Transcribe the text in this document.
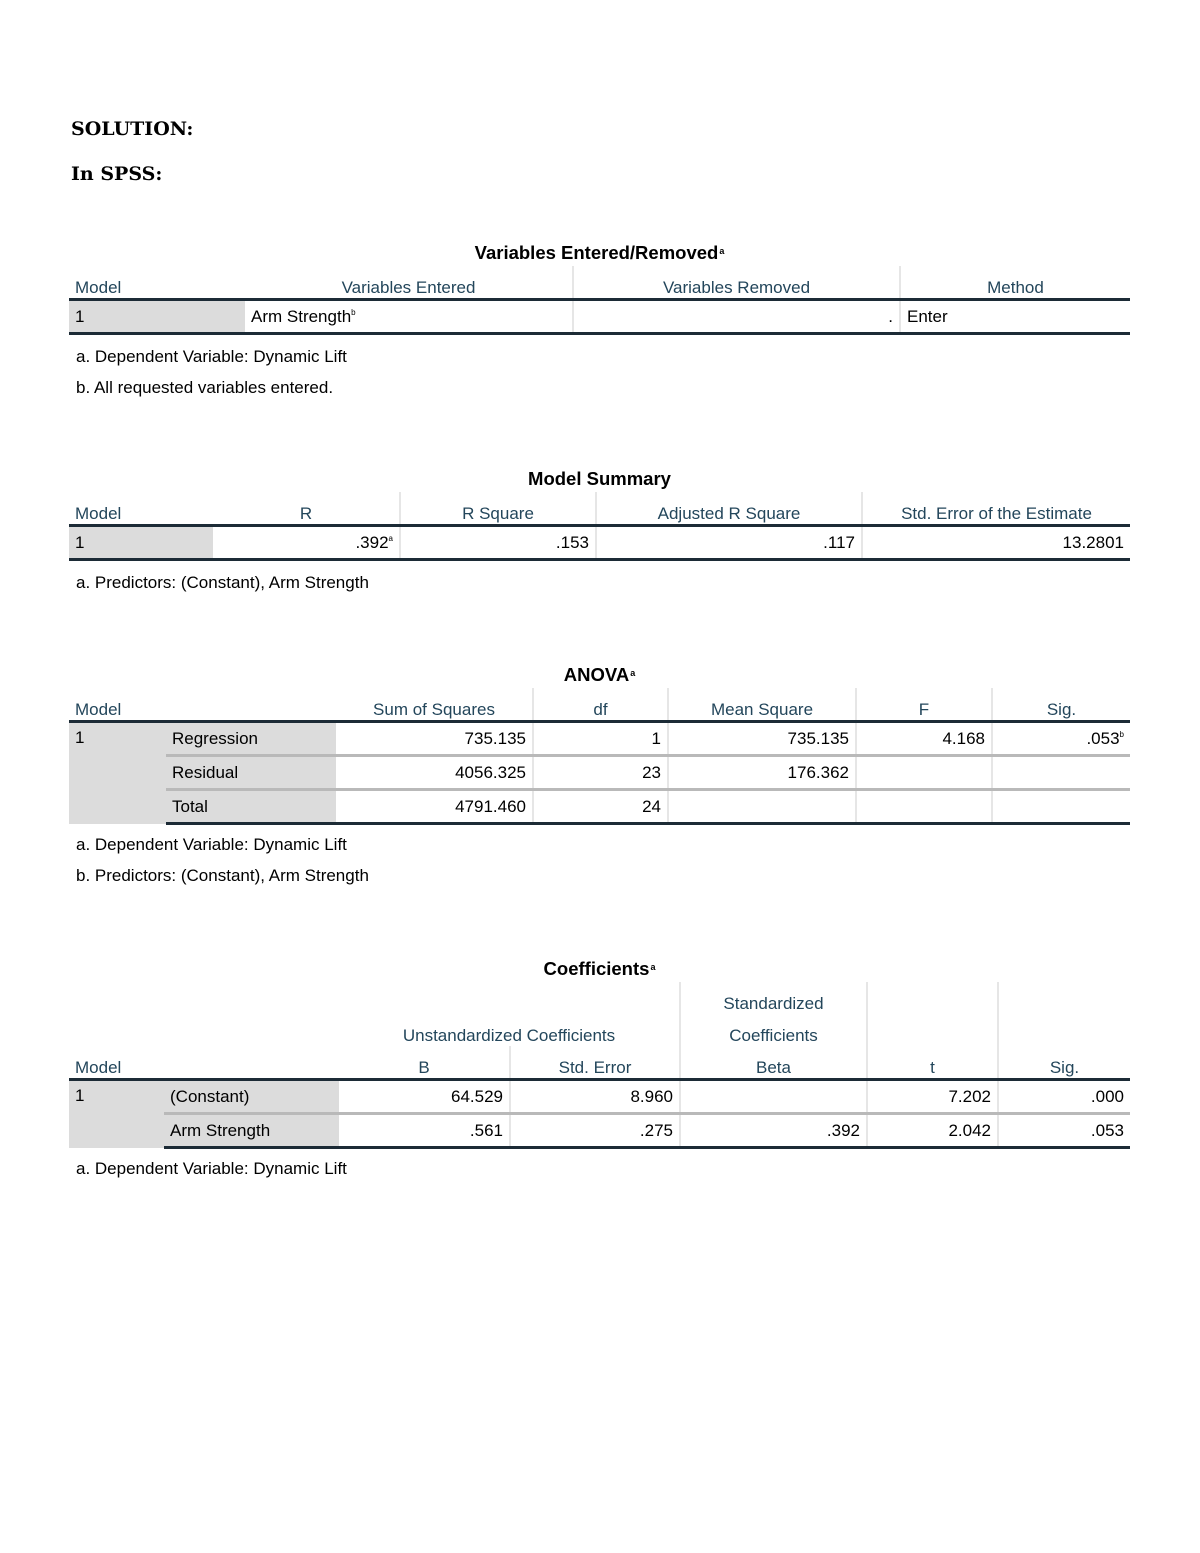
SOLUTION:
In SPSS:
Variables Entered/Removed$^a$
Model	Variables Entered	Variables Removed	Method
1	Arm Strength$^b$	.	Enter
a. Dependent Variable: Dynamic Lift
b. All requested variables entered.
Model Summary
Model	R	R Square	Adjusted R Square	Std. Error of the Estimate
1	.392$^a$	.153	.117	13.2801
a. Predictors: (Constant), Arm Strength
ANOVA$^a$
Model		Sum of Squares	df	Mean Square	F	Sig.
1	Regression	735.135	1	735.135	4.168	.053$^b$
	Residual	4056.325	23	176.362		
	Total	4791.460	24			
a. Dependent Variable: Dynamic Lift
b. Predictors: (Constant), Arm Strength
Coefficients$^a$
				Standardized		
		Unstandardized Coefficients		Coefficients		
Model		B	Std. Error	Beta	t	Sig.
1	(Constant)	64.529	8.960		7.202	.000
	Arm Strength	.561	.275	.392	2.042	.053
a. Dependent Variable: Dynamic Lift
